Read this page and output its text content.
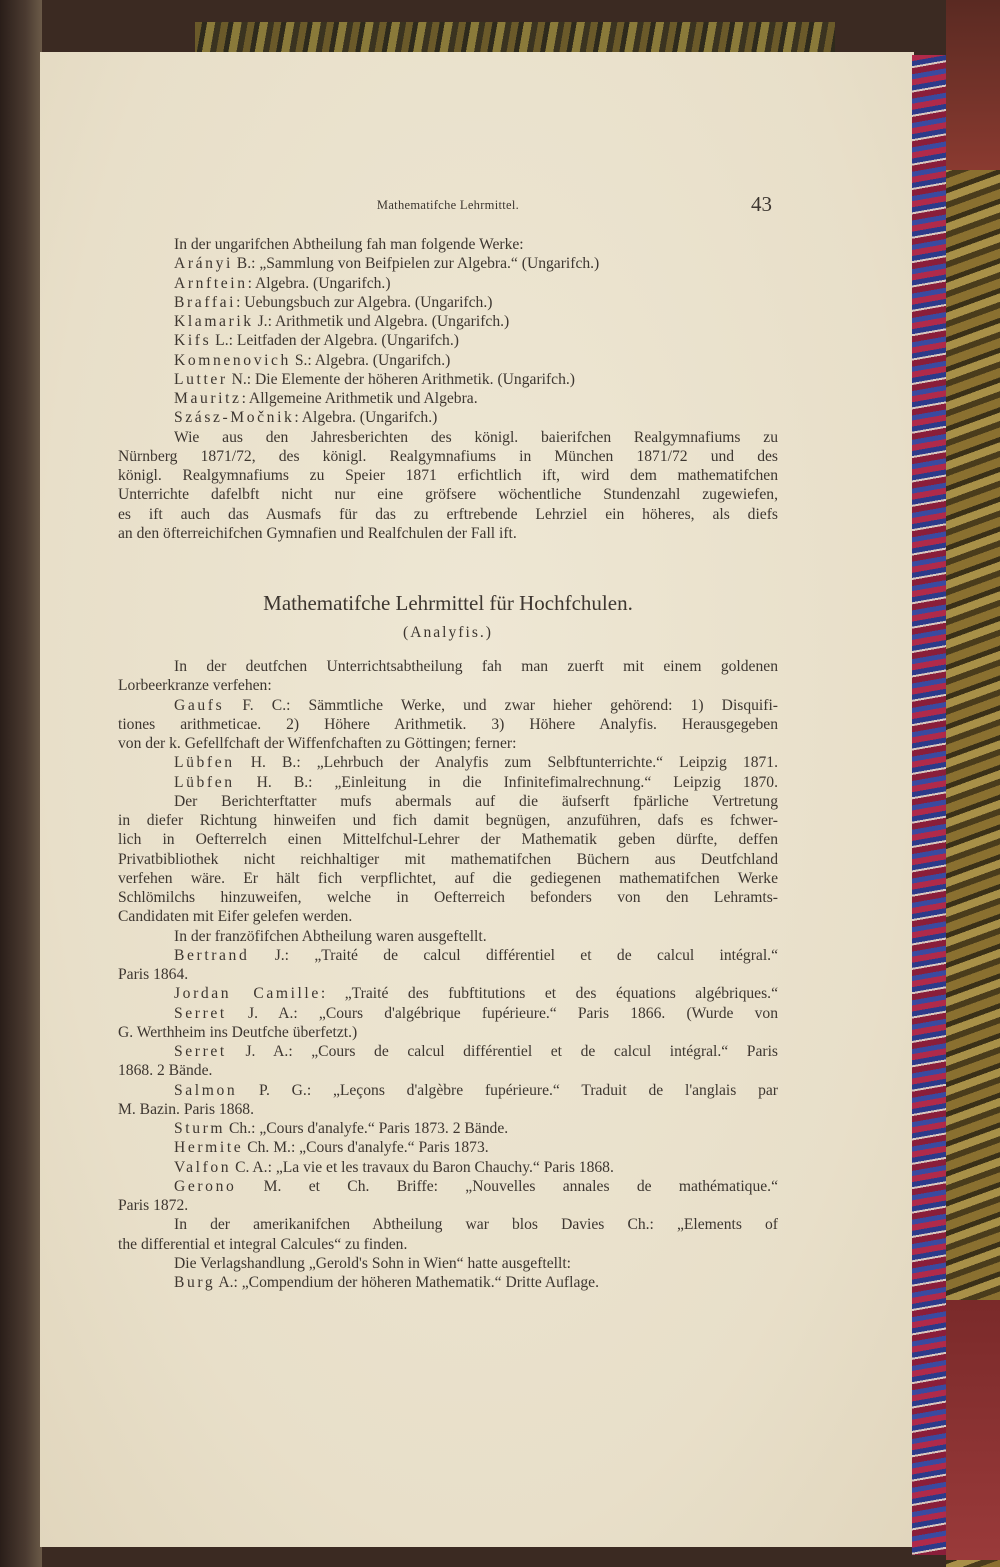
Mathematifche Lehrmittel.	43
In der ungarifchen Abtheilung fah man folgende Werke:
Arányi B.: „Sammlung von Beifpielen zur Algebra.“ (Ungarifch.)
Arnftein: Algebra. (Ungarifch.)
Braffai: Uebungsbuch zur Algebra. (Ungarifch.)
Klamarik J.: Arithmetik und Algebra. (Ungarifch.)
Kifs L.: Leitfaden der Algebra. (Ungarifch.)
Komnenovich S.: Algebra. (Ungarifch.)
Lutter N.: Die Elemente der höheren Arithmetik. (Ungarifch.)
Mauritz: Allgemeine Arithmetik und Algebra.
Szász-Močnik: Algebra. (Ungarifch.)
Wie aus den Jahresberichten des königl. baierifchen Realgymnafiums zu
Nürnberg 1871/72, des königl. Realgymnafiums in München 1871/72 und des
königl. Realgymnafiums zu Speier 1871 erfichtlich ift, wird dem mathematifchen
Unterrichte dafelbft nicht nur eine gröfsere wöchentliche Stundenzahl zugewiefen,
es ift auch das Ausmafs für das zu erftrebende Lehrziel ein höheres, als diefs
an den öfterreichifchen Gymnafien und Realfchulen der Fall ift.
Mathematifche Lehrmittel für Hochfchulen.
(Analyfis.)
In der deutfchen Unterrichtsabtheilung fah man zuerft mit einem goldenen
Lorbeerkranze verfehen:
Gaufs F. C.: Sämmtliche Werke, und zwar hieher gehörend: 1) Disquifi-
tiones arithmeticae. 2) Höhere Arithmetik. 3) Höhere Analyfis. Herausgegeben
von der k. Gefellfchaft der Wiffenfchaften zu Göttingen; ferner:
Lübfen H. B.: „Lehrbuch der Analyfis zum Selbftunterrichte.“ Leipzig 1871.
Lübfen H. B.: „Einleitung in die Infinitefimalrechnung.“ Leipzig 1870.
Der Berichterftatter mufs abermals auf die äufserft fpärliche Vertretung
in diefer Richtung hinweifen und fich damit begnügen, anzuführen, dafs es fchwer-
lich in Oefterrelch einen Mittelfchul-Lehrer der Mathematik geben dürfte, deffen
Privatbibliothek nicht reichhaltiger mit mathematifchen Büchern aus Deutfchland
verfehen wäre. Er hält fich verpflichtet, auf die gediegenen mathematifchen Werke
Schlömilchs hinzuweifen, welche in Oefterreich befonders von den Lehramts-
Candidaten mit Eifer gelefen werden.
In der franzöfifchen Abtheilung waren ausgeftellt.
Bertrand J.: „Traité de calcul différentiel et de calcul intégral.“
Paris 1864.
Jordan Camille: „Traité des fubftitutions et des équations algébriques.“
Serret J. A.: „Cours d'algébrique fupérieure.“ Paris 1866. (Wurde von
G. Werthheim ins Deutfche überfetzt.)
Serret J. A.: „Cours de calcul différentiel et de calcul intégral.“ Paris
1868. 2 Bände.
Salmon P. G.: „Leçons d'algèbre fupérieure.“ Traduit de l'anglais par
M. Bazin. Paris 1868.
Sturm Ch.: „Cours d'analyfe.“ Paris 1873. 2 Bände.
Hermite Ch. M.: „Cours d'analyfe.“ Paris 1873.
Valfon C. A.: „La vie et les travaux du Baron Chauchy.“ Paris 1868.
Gerono M. et Ch. Briffe: „Nouvelles annales de mathématique.“
Paris 1872.
In der amerikanifchen Abtheilung war blos Davies Ch.: „Elements of
the differential et integral Calcules“ zu finden.
Die Verlagshandlung „Gerold's Sohn in Wien“ hatte ausgeftellt:
Burg A.: „Compendium der höheren Mathematik.“ Dritte Auflage.
